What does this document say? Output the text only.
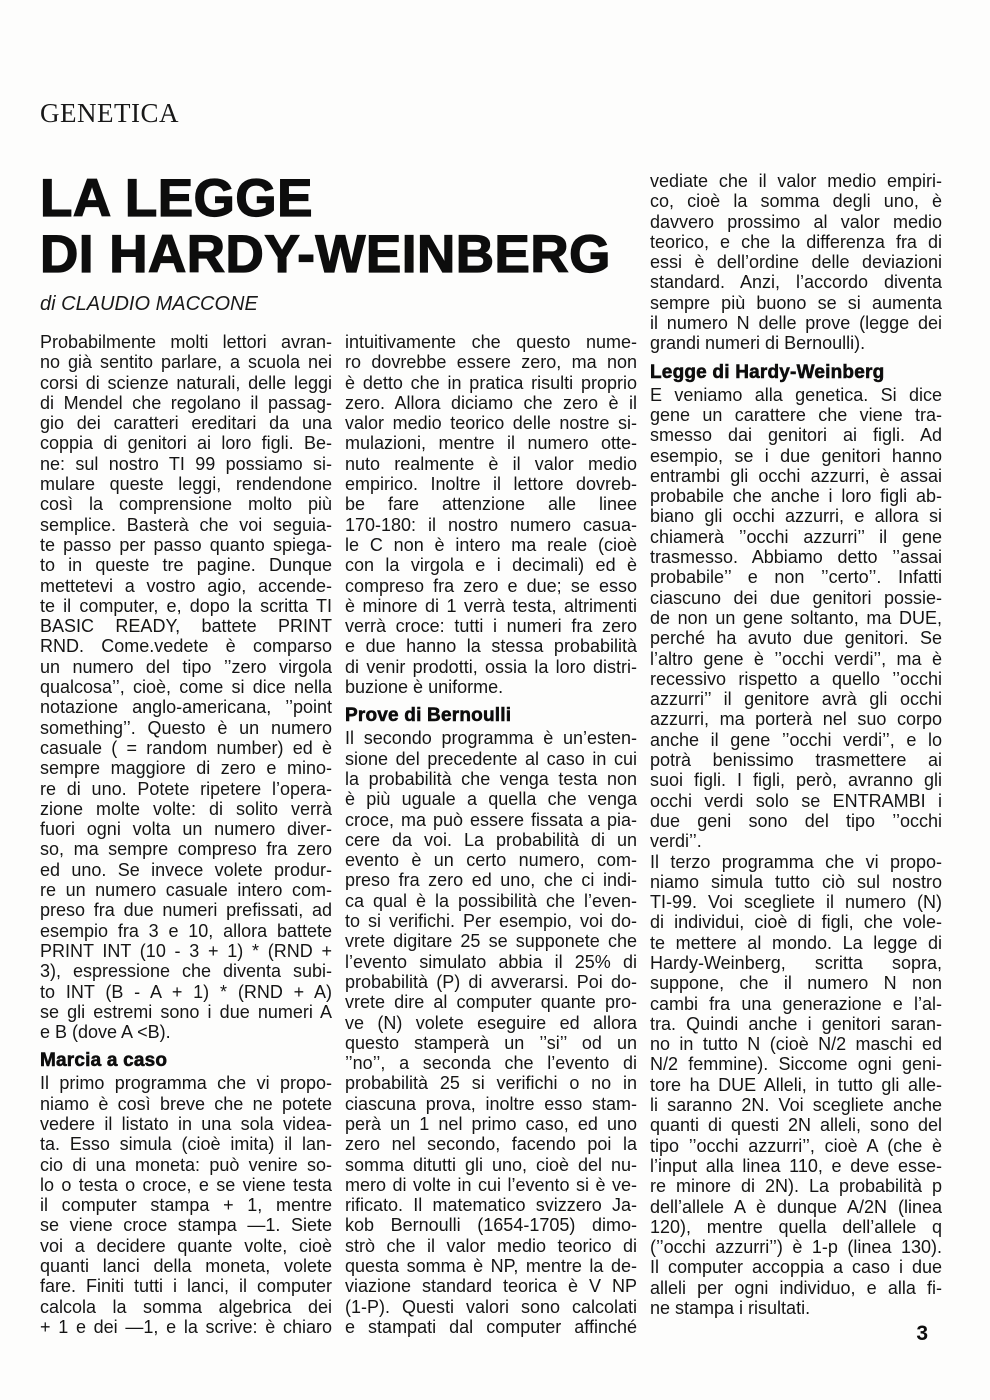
GENETICA
LA LEGGE
DI HARDY-WEINBERG
di CLAUDIO MACCONE
Probabilmente molti lettori avran-
no già sentito parlare, a scuola nei
corsi di scienze naturali, delle leggi
di Mendel che regolano il passag-
gio dei caratteri ereditari da una
coppia di genitori ai loro figli. Be-
ne: sul nostro TI 99 possiamo si-
mulare queste leggi, rendendone
così la comprensione molto più
semplice. Basterà che voi seguia-
te passo per passo quanto spiega-
to in queste tre pagine. Dunque
mettetevi a vostro agio, accende-
te il computer, e, dopo la scritta TI
BASIC READY, battete PRINT
RND. Come.vedete è comparso
un numero del tipo ’’zero virgola
qualcosa’’, cioè, come si dice nella
notazione anglo-americana, ’’point
something’’. Questo è un numero
casuale ( = random number) ed è
sempre maggiore di zero e mino-
re di uno. Potete ripetere l’opera-
zione molte volte: di solito verrà
fuori ogni volta un numero diver-
so, ma sempre compreso fra zero
ed uno. Se invece volete produr-
re un numero casuale intero com-
preso fra due numeri prefissati, ad
esempio fra 3 e 10, allora battete
PRINT INT (10 - 3 + 1) * (RND +
3), espressione che diventa subi-
to INT (B - A + 1) * (RND + A)
se gli estremi sono i due numeri A
e B (dove A <B).
Marcia a caso
Il primo programma che vi propo-
niamo è così breve che ne potete
vedere il listato in una sola videa-
ta. Esso simula (cioè imita) il lan-
cio di una moneta: può venire so-
lo o testa o croce, e se viene testa
il computer stampa + 1, mentre
se viene croce stampa —1. Siete
voi a decidere quante volte, cioè
quanti lanci della moneta, volete
fare. Finiti tutti i lanci, il computer
calcola la somma algebrica dei
+ 1 e dei —1, e la scrive: è chiaro
intuitivamente che questo nume-
ro dovrebbe essere zero, ma non
è detto che in pratica risulti proprio
zero. Allora diciamo che zero è il
valor medio teorico delle nostre si-
mulazioni, mentre il numero otte-
nuto realmente è il valor medio
empirico. Inoltre il lettore dovreb-
be fare attenzione alle linee
170-180: il nostro numero casua-
le C non è intero ma reale (cioè
con la virgola e i decimali) ed è
compreso fra zero e due; se esso
è minore di 1 verrà testa, altrimenti
verrà croce: tutti i numeri fra zero
e due hanno la stessa probabilità
di venir prodotti, ossia la loro distri-
buzione è uniforme.
Prove di Bernoulli
Il secondo programma è un’esten-
sione del precedente al caso in cui
la probabilità che venga testa non
è più uguale a quella che venga
croce, ma può essere fissata a pia-
cere da voi. La probabilità di un
evento è un certo numero, com-
preso fra zero ed uno, che ci indi-
ca qual è la possibilità che l’even-
to si verifichi. Per esempio, voi do-
vrete digitare 25 se supponete che
l’evento simulato abbia il 25% di
probabilità (P) di avverarsi. Poi do-
vrete dire al computer quante pro-
ve (N) volete eseguire ed allora
questo stamperà un ’’si’’ od un
’’no’’, a seconda che l’evento di
probabilità 25 si verifichi o no in
ciascuna prova, inoltre esso stam-
perà un 1 nel primo caso, ed uno
zero nel secondo, facendo poi la
somma ditutti gli uno, cioè del nu-
mero di volte in cui l’evento si è ve-
rificato. Il matematico svizzero Ja-
kob Bernoulli (1654-1705) dimo-
strò che il valor medio teorico di
questa somma è NP, mentre la de-
viazione standard teorica è V NP
(1-P). Questi valori sono calcolati
e stampati dal computer affinché
vediate che il valor medio empiri-
co, cioè la somma degli uno, è
davvero prossimo al valor medio
teorico, e che la differenza fra di
essi è dell’ordine delle deviazioni
standard. Anzi, l’accordo diventa
sempre più buono se si aumenta
il numero N delle prove (legge dei
grandi numeri di Bernoulli).
Legge di Hardy-Weinberg
E veniamo alla genetica. Si dice
gene un carattere che viene tra-
smesso dai genitori ai figli. Ad
esempio, se i due genitori hanno
entrambi gli occhi azzurri, è assai
probabile che anche i loro figli ab-
biano gli occhi azzurri, e allora si
chiamerà ’’occhi azzurri’’ il gene
trasmesso. Abbiamo detto ’’assai
probabile’’ e non ’’certo’’. Infatti
ciascuno dei due genitori possie-
de non un gene soltanto, ma DUE,
perché ha avuto due genitori. Se
l’altro gene è ’’occhi verdi’’, ma è
recessivo rispetto a quello ’’occhi
azzurri’’ il genitore avrà gli occhi
azzurri, ma porterà nel suo corpo
anche il gene ’’occhi verdi’’, e lo
potrà benissimo trasmettere ai
suoi figli. I figli, però, avranno gli
occhi verdi solo se ENTRAMBI i
due geni sono del tipo ’’occhi
verdi’’.
Il terzo programma che vi propo-
niamo simula tutto ciò sul nostro
TI-99. Voi scegliete il numero (N)
di individui, cioè di figli, che vole-
te mettere al mondo. La legge di
Hardy-Weinberg, scritta sopra,
suppone, che il numero N non
cambi fra una generazione e l’al-
tra. Quindi anche i genitori saran-
no in tutto N (cioè N/2 maschi ed
N/2 femmine). Siccome ogni geni-
tore ha DUE Alleli, in tutto gli alle-
li saranno 2N. Voi scegliete anche
quanti di questi 2N alleli, sono del
tipo ’’occhi azzurri’’, cioè A (che è
l’input alla linea 110, e deve esse-
re minore di 2N). La probabilità p
dell’allele A è dunque A/2N (linea
120), mentre quella dell’allele q
(’’occhi azzurri’’) è 1-p (linea 130).
Il computer accoppia a caso i due
alleli per ogni individuo, e alla fi-
ne stampa i risultati.
3
